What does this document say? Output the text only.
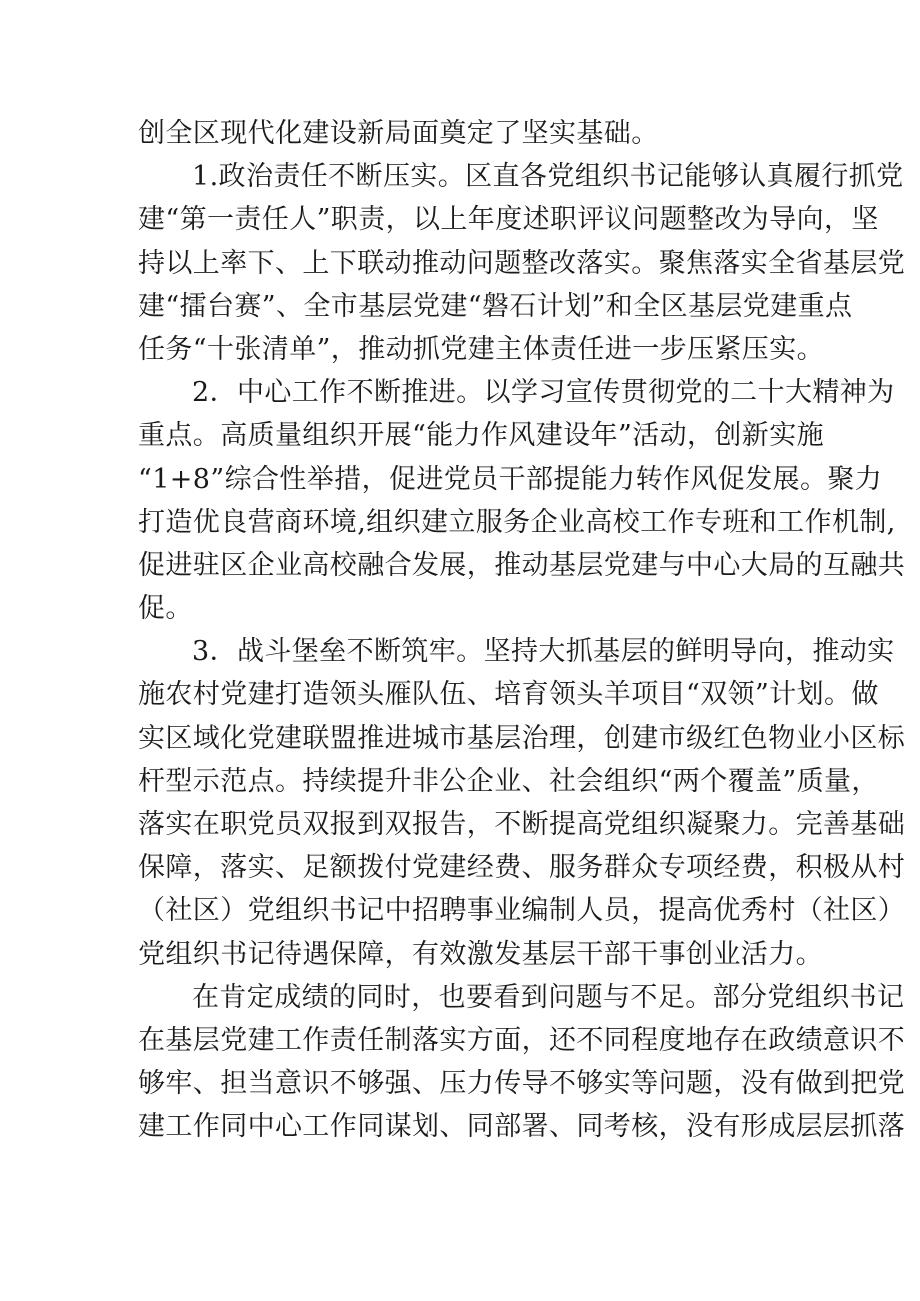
创全区现代化建设新局面奠定了坚实基础。
1.政治责任不断压实。区直各党组织书记能够认真履行抓党
建“第一责任人”职责，以上年度述职评议问题整改为导向，坚
持以上率下、上下联动推动问题整改落实。聚焦落实全省基层党
建“擂台赛”、全市基层党建“磐石计划”和全区基层党建重点
任务“十张清单”，推动抓党建主体责任进一步压紧压实。
2．中心工作不断推进。以学习宣传贯彻党的二十大精神为
重点。高质量组织开展“能力作风建设年”活动，创新实施
“1+8”综合性举措，促进党员干部提能力转作风促发展。聚力
打造优良营商环境,组织建立服务企业高校工作专班和工作机制,
促进驻区企业高校融合发展，推动基层党建与中心大局的互融共
促。
3．战斗堡垒不断筑牢。坚持大抓基层的鲜明导向，推动实
施农村党建打造领头雁队伍、培育领头羊项目“双领”计划。做
实区域化党建联盟推进城市基层治理，创建市级红色物业小区标
杆型示范点。持续提升非公企业、社会组织“两个覆盖”质量，
落实在职党员双报到双报告，不断提高党组织凝聚力。完善基础
保障，落实、足额拨付党建经费、服务群众专项经费，积极从村
（社区）党组织书记中招聘事业编制人员，提高优秀村（社区）
党组织书记待遇保障，有效激发基层干部干事创业活力。
在肯定成绩的同时，也要看到问题与不足。部分党组织书记
在基层党建工作责任制落实方面，还不同程度地存在政绩意识不
够牢、担当意识不够强、压力传导不够实等问题，没有做到把党
建工作同中心工作同谋划、同部署、同考核，没有形成层层抓落
